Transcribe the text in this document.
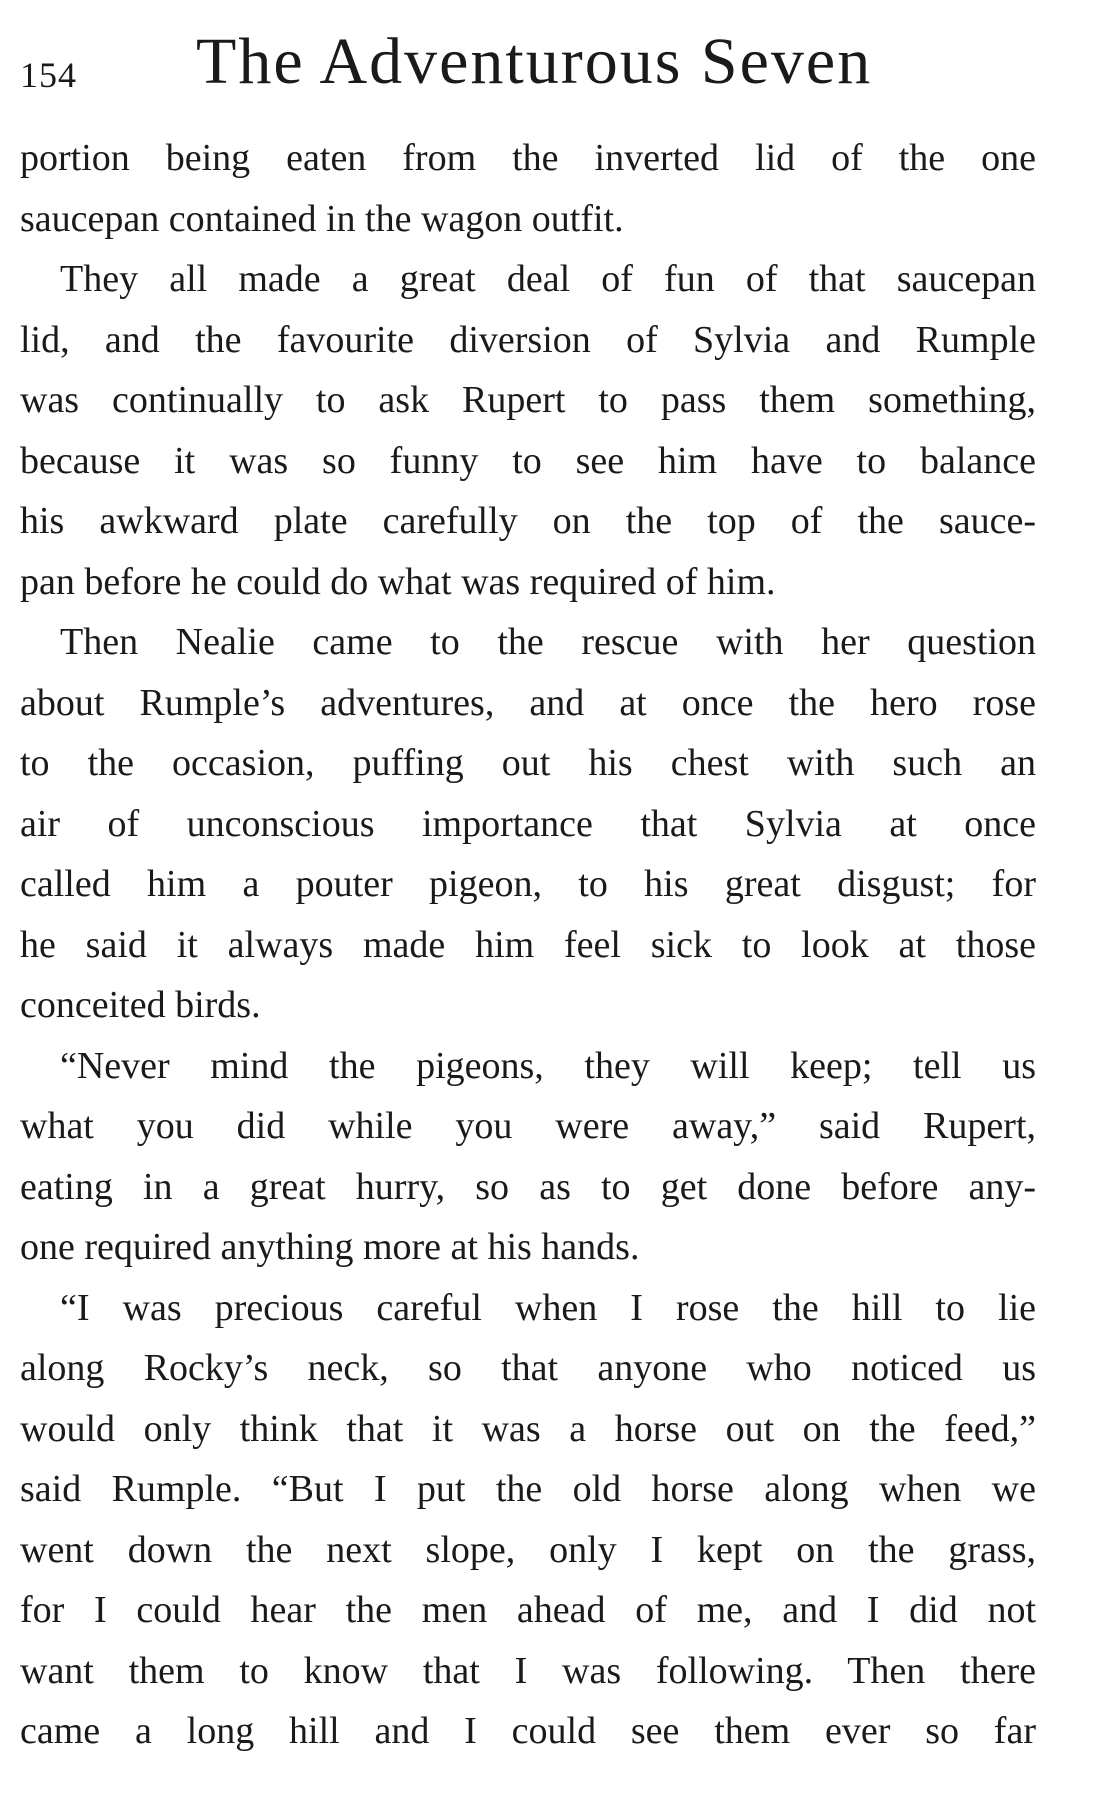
154 The Adventurous Seven
portion being eaten from the inverted lid of the one
saucepan contained in the wagon outfit.
They all made a great deal of fun of that saucepan
lid, and the favourite diversion of Sylvia and Rumple
was continually to ask Rupert to pass them something,
because it was so funny to see him have to balance
his awkward plate carefully on the top of the sauce-
pan before he could do what was required of him.
Then Nealie came to the rescue with her question
about Rumple’s adventures, and at once the hero rose
to the occasion, puffing out his chest with such an
air of unconscious importance that Sylvia at once
called him a pouter pigeon, to his great disgust; for
he said it always made him feel sick to look at those
conceited birds.
“Never mind the pigeons, they will keep; tell us
what you did while you were away,” said Rupert,
eating in a great hurry, so as to get done before any-
one required anything more at his hands.
“I was precious careful when I rose the hill to lie
along Rocky’s neck, so that anyone who noticed us
would only think that it was a horse out on the feed,”
said Rumple. “But I put the old horse along when we
went down the next slope, only I kept on the grass,
for I could hear the men ahead of me, and I did not
want them to know that I was following. Then there
came a long hill and I could see them ever so far
